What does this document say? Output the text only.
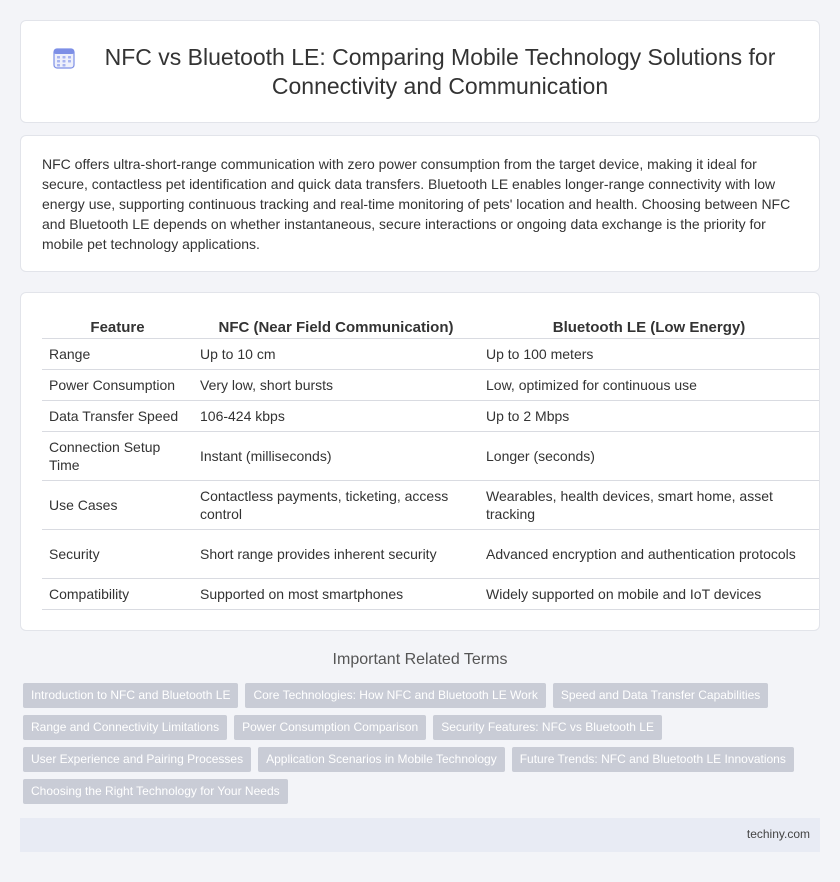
NFC vs Bluetooth LE: Comparing Mobile Technology Solutions for Connectivity and Communication

NFC offers ultra-short-range communication with zero power consumption from the target device, making it ideal for secure, contactless pet identification and quick data transfers. Bluetooth LE enables longer-range connectivity with low energy use, supporting continuous tracking and real-time monitoring of pets' location and health. Choosing between NFC and Bluetooth LE depends on whether instantaneous, secure interactions or ongoing data exchange is the priority for mobile pet technology applications.

Feature	NFC (Near Field Communication)	Bluetooth LE (Low Energy)
Range	Up to 10 cm	Up to 100 meters
Power Consumption	Very low, short bursts	Low, optimized for continuous use
Data Transfer Speed	106-424 kbps	Up to 2 Mbps
Connection Setup Time	Instant (milliseconds)	Longer (seconds)
Use Cases	Contactless payments, ticketing, access control	Wearables, health devices, smart home, asset tracking
Security	Short range provides inherent security	Advanced encryption and authentication protocols
Compatibility	Supported on most smartphones	Widely supported on mobile and IoT devices
Important Related Terms
Introduction to NFC and Bluetooth LE	Core Technologies: How NFC and Bluetooth LE Work	Speed and Data Transfer Capabilities
Range and Connectivity Limitations	Power Consumption Comparison	Security Features: NFC vs Bluetooth LE
User Experience and Pairing Processes	Application Scenarios in Mobile Technology	Future Trends: NFC and Bluetooth LE Innovations
Choosing the Right Technology for Your Needs
techiny.com
